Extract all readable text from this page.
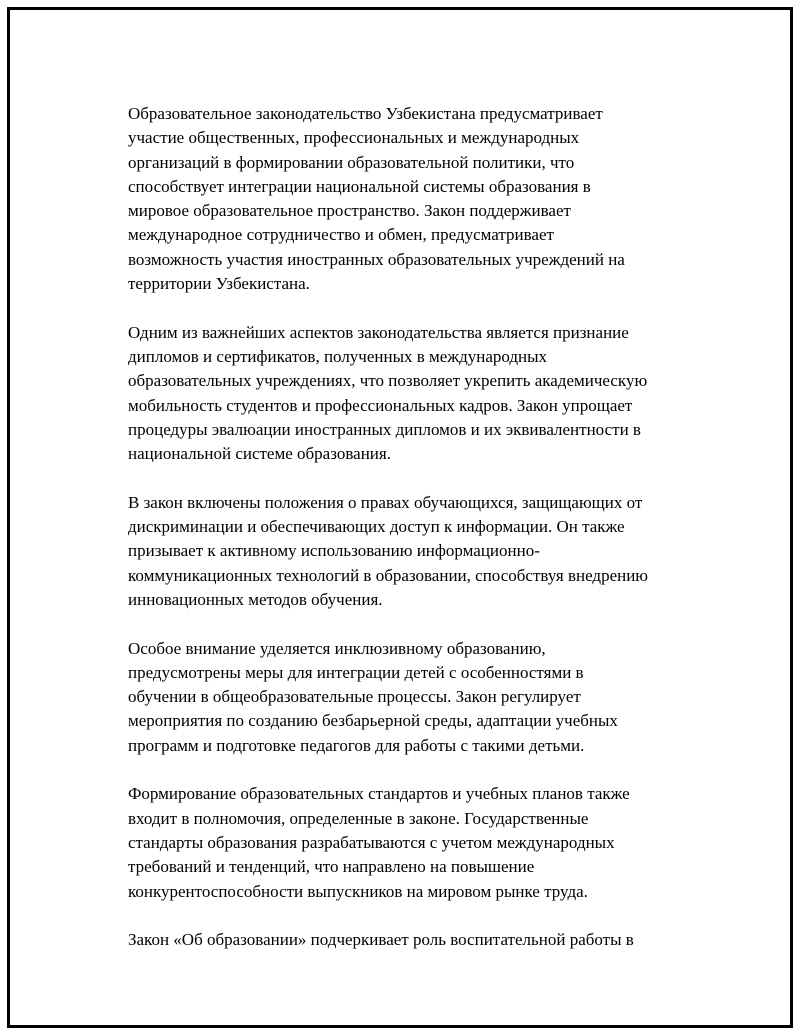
Образовательное законодательство Узбекистана предусматривает
участие общественных, профессиональных и международных
организаций в формировании образовательной политики, что
способствует интеграции национальной системы образования в
мировое образовательное пространство. Закон поддерживает
международное сотрудничество и обмен, предусматривает
возможность участия иностранных образовательных учреждений на
территории Узбекистана.

Одним из важнейших аспектов законодательства является признание
дипломов и сертификатов, полученных в международных
образовательных учреждениях, что позволяет укрепить академическую
мобильность студентов и профессиональных кадров. Закон упрощает
процедуры эвалюации иностранных дипломов и их эквивалентности в
национальной системе образования.

В закон включены положения о правах обучающихся, защищающих от
дискриминации и обеспечивающих доступ к информации. Он также
призывает к активному использованию информационно-
коммуникационных технологий в образовании, способствуя внедрению
инновационных методов обучения.

Особое внимание уделяется инклюзивному образованию,
предусмотрены меры для интеграции детей с особенностями в
обучении в общеобразовательные процессы. Закон регулирует
мероприятия по созданию безбарьерной среды, адаптации учебных
программ и подготовке педагогов для работы с такими детьми.

Формирование образовательных стандартов и учебных планов также
входит в полномочия, определенные в законе. Государственные
стандарты образования разрабатываются с учетом международных
требований и тенденций, что направлено на повышение
конкурентоспособности выпускников на мировом рынке труда.

Закон «Об образовании» подчеркивает роль воспитательной работы в
